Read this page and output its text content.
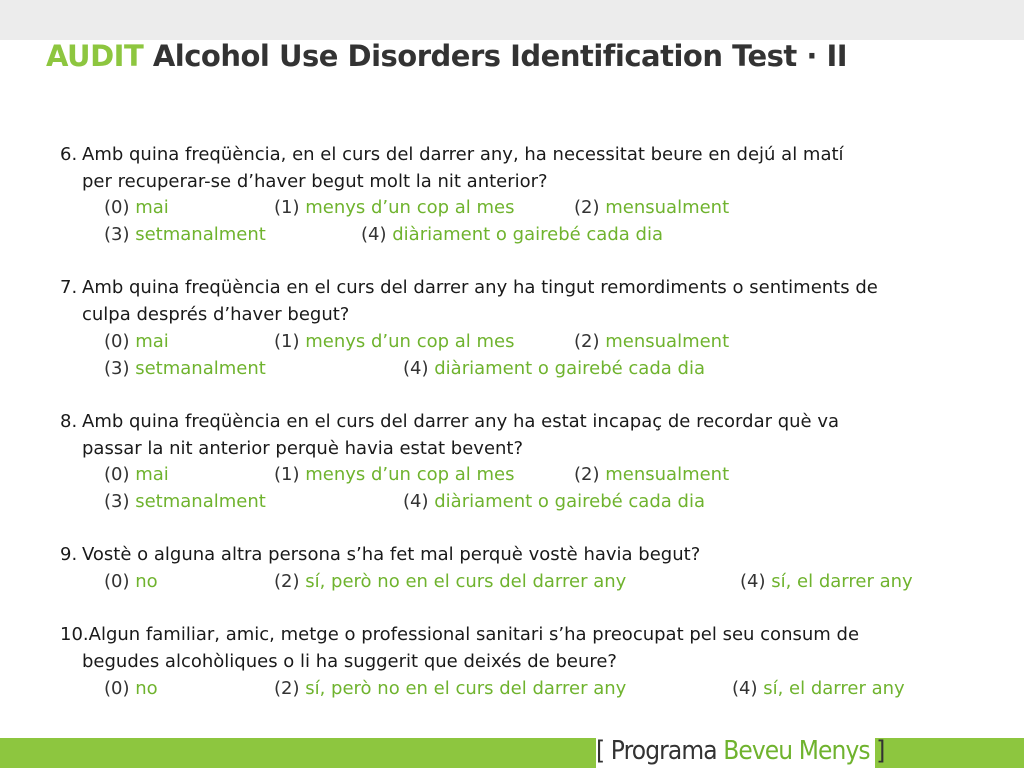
AUDIT Alcohol Use Disorders Identification Test · II
6. Amb quina freqüència, en el curs del darrer any, ha necessitat beure en dejú al matí
per recuperar-se d’haver begut molt la nit anterior?
(0) mai	(1) menys d’un cop al mes	(2) mensualment
(3) setmanalment	(4) diàriament o gairebé cada dia
7. Amb quina freqüència en el curs del darrer any ha tingut remordiments o sentiments de
culpa després d’haver begut?
(0) mai	(1) menys d’un cop al mes	(2) mensualment
(3) setmanalment	(4) diàriament o gairebé cada dia
8. Amb quina freqüència en el curs del darrer any ha estat incapaç de recordar què va
passar la nit anterior perquè havia estat bevent?
(0) mai	(1) menys d’un cop al mes	(2) mensualment
(3) setmanalment	(4) diàriament o gairebé cada dia
9. Vostè o alguna altra persona s’ha fet mal perquè vostè havia begut?
(0) no	(2) sí, però no en el curs del darrer any	(4) sí, el darrer any
10. Algun familiar, amic, metge o professional sanitari s’ha preocupat pel seu consum de
begudes alcohòliques o li ha suggerit que deixés de beure?
(0) no	(2) sí, però no en el curs del darrer any	(4) sí, el darrer any
[ Programa Beveu Menys ]
